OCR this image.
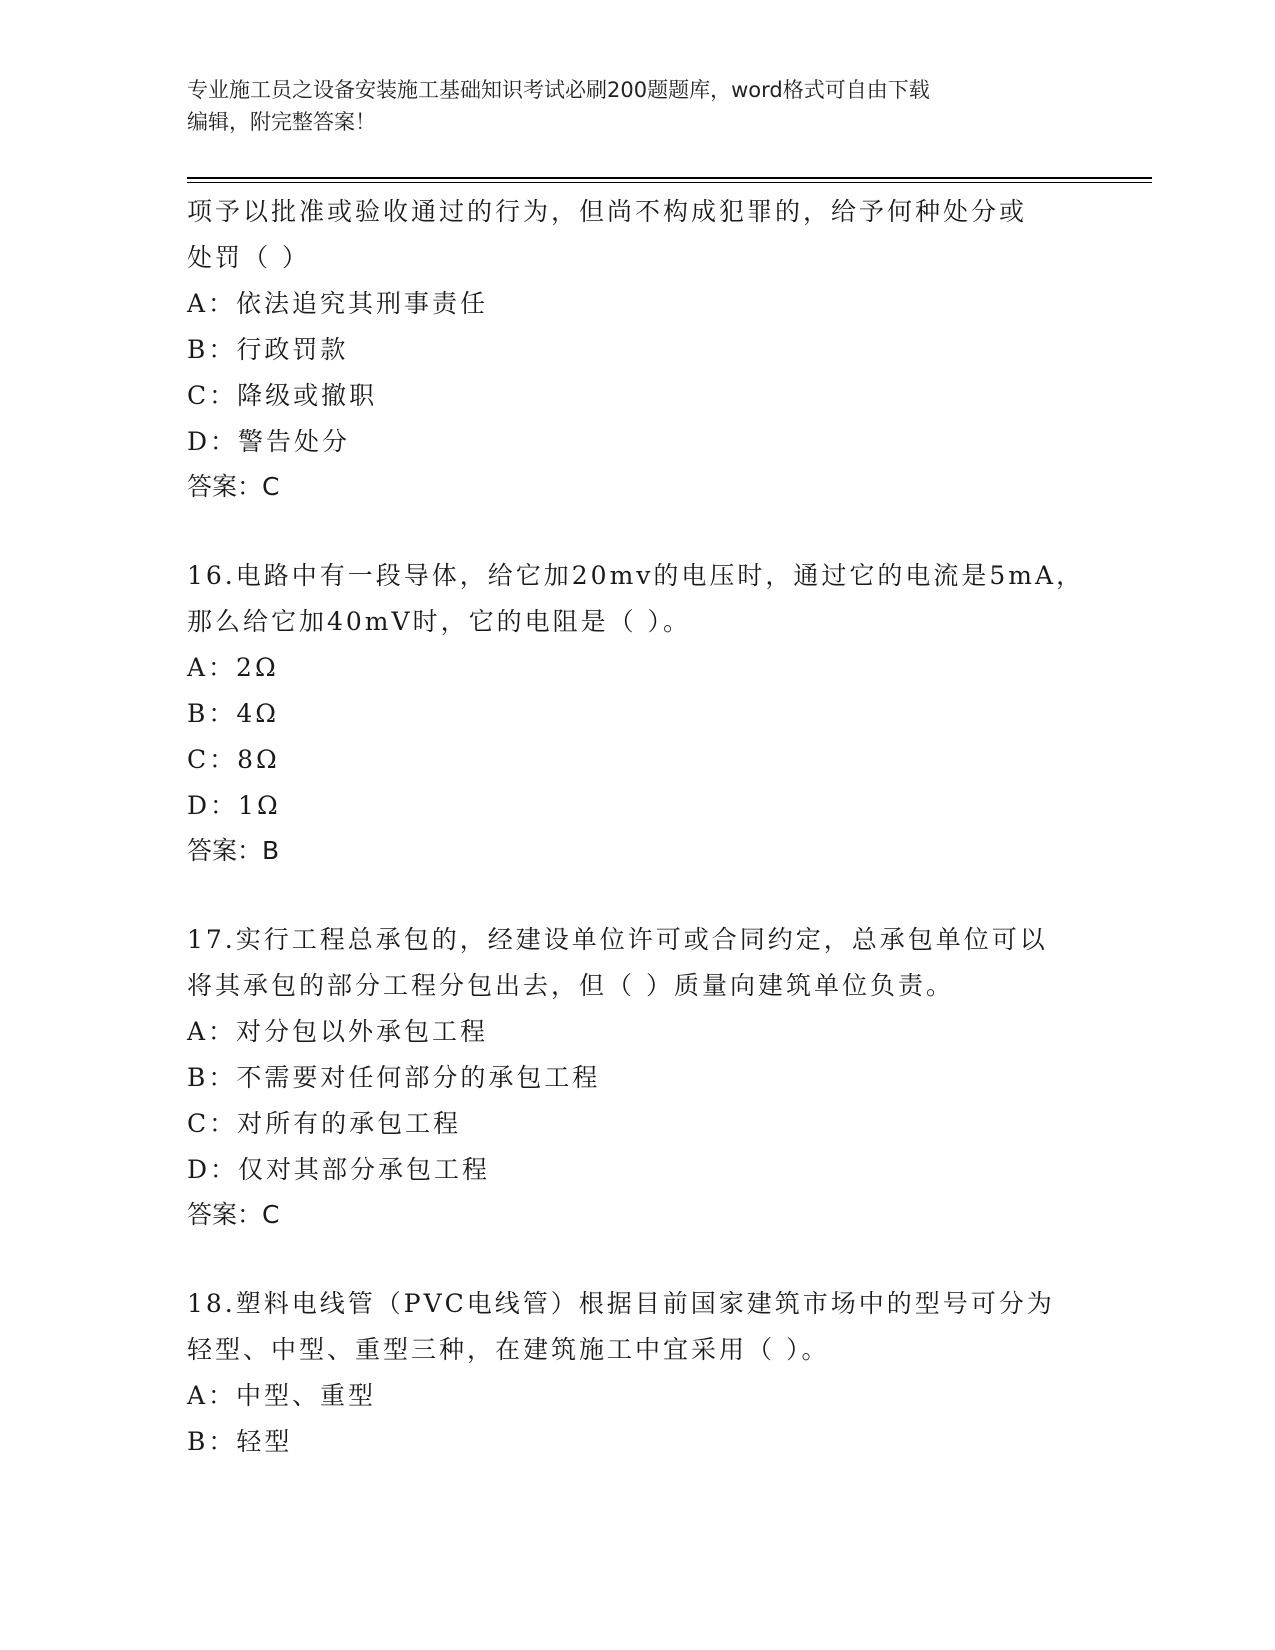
专业施工员之设备安装施工基础知识考试必刷200题题库，word格式可自由下载
编辑，附完整答案！
项予以批准或验收通过的行为，但尚不构成犯罪的，给予何种处分或
处罚（ ）
A：依法追究其刑事责任
B：行政罚款
C：降级或撤职
D：警告处分
答案：C
16.电路中有一段导体，给它加20mv的电压时，通过它的电流是5mA，
那么给它加40mV时，它的电阻是（ ）。
A：2Ω
B：4Ω
C：8Ω
D：1Ω
答案：B
17.实行工程总承包的，经建设单位许可或合同约定，总承包单位可以
将其承包的部分工程分包出去，但（ ）质量向建筑单位负责。
A：对分包以外承包工程
B：不需要对任何部分的承包工程
C：对所有的承包工程
D：仅对其部分承包工程
答案：C
18.塑料电线管（PVC电线管）根据目前国家建筑市场中的型号可分为
轻型、中型、重型三种，在建筑施工中宜采用（ ）。
A：中型、重型
B：轻型
